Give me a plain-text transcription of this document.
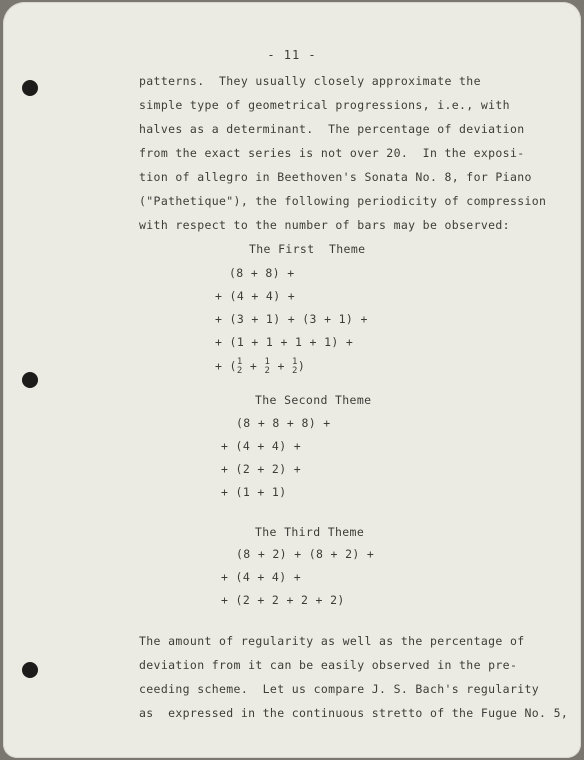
- 11 -

patterns.  They usually closely approximate the

simple type of geometrical progressions, i.e., with

halves as a determinant.  The percentage of deviation

from the exact series is not over 20.  In the exposi-

tion of allegro in Beethoven's Sonata No. 8, for Piano

("Pathetique"), the following periodicity of compression

with respect to the number of bars may be observed:

The First  Theme

(8 + 8) +

+ (4 + 4) +

+ (3 + 1) + (3 + 1) +

+ (1 + 1 + 1 + 1) +

+ ( 1
2 + 1
2 + 1
2 )

The Second Theme

(8 + 8 + 8) +

+ (4 + 4) +

+ (2 + 2) +

+ (1 + 1)

The Third Theme

(8 + 2) + (8 + 2) +

+ (4 + 4) +

+ (2 + 2 + 2 + 2)

The amount of regularity as well as the percentage of

deviation from it can be easily observed in the pre-

ceeding scheme.  Let us compare J. S. Bach's regularity

as  expressed in the continuous stretto of the Fugue No. 5,
